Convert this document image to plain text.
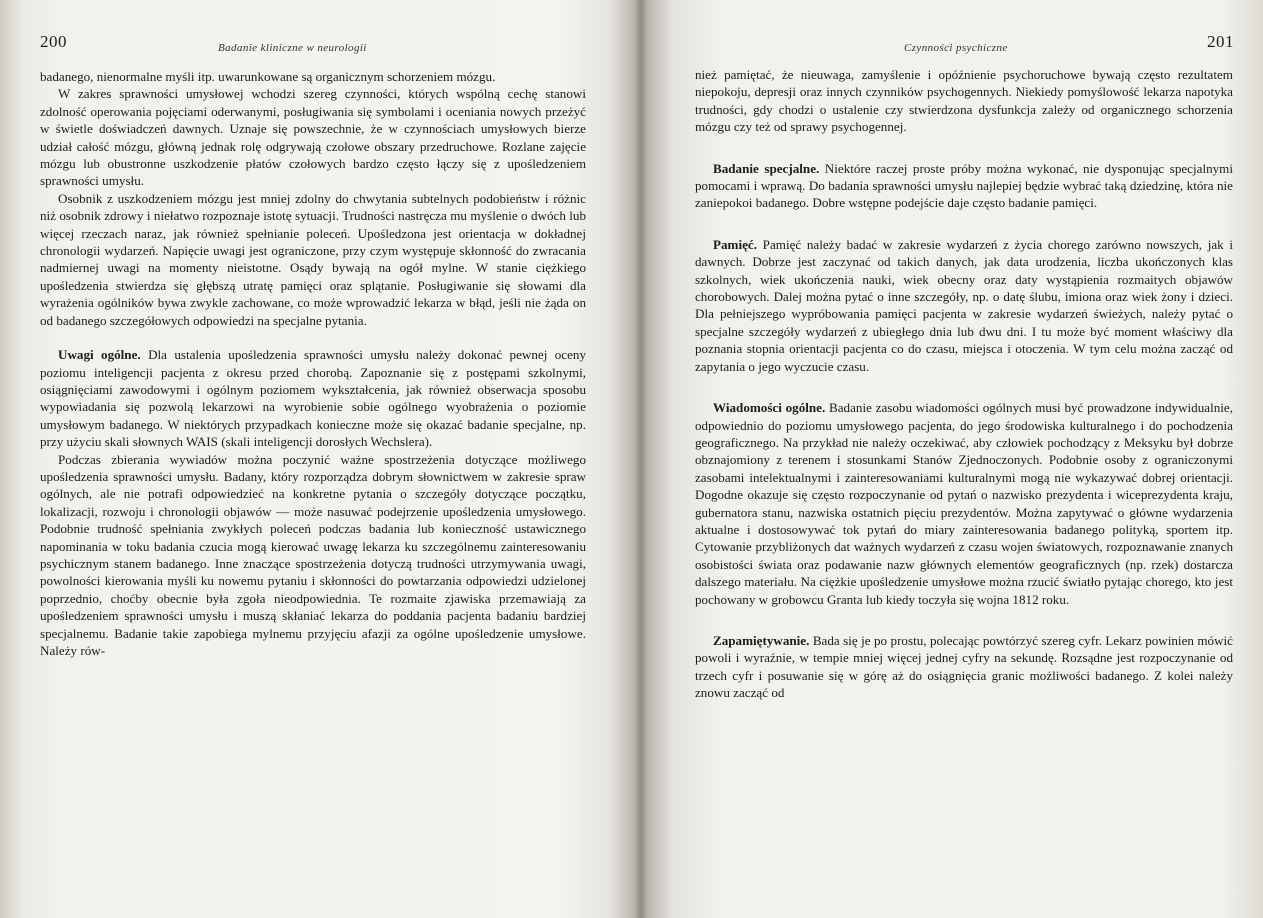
200	Badanie kliniczne w neurologii

badanego, nienormalne myśli itp. uwarunkowane są organicznym schorzeniem mózgu.

W zakres sprawności umysłowej wchodzi szereg czynności, których wspólną cechę stanowi zdolność operowania pojęciami oderwanymi, posługiwania się symbolami i oceniania nowych przeżyć w świetle doświadczeń dawnych. Uznaje się powszechnie, że w czynnościach umysłowych bierze udział całość mózgu, główną jednak rolę odgrywają czołowe obszary przedruchowe. Rozlane zajęcie mózgu lub obustronne uszkodzenie płatów czołowych bardzo często łączy się z upośledzeniem sprawności umysłu.

Osobnik z uszkodzeniem mózgu jest mniej zdolny do chwytania subtelnych podobieństw i różnic niż osobnik zdrowy i niełatwo rozpoznaje istotę sytuacji. Trudności nastręcza mu myślenie o dwóch lub więcej rzeczach naraz, jak również spełnianie poleceń. Upośledzona jest orientacja w dokładnej chronologii wydarzeń. Napięcie uwagi jest ograniczone, przy czym występuje skłonność do zwracania nadmiernej uwagi na momenty nieistotne. Osądy bywają na ogół mylne. W stanie ciężkiego upośledzenia stwierdza się głębszą utratę pamięci oraz splątanie. Posługiwanie się słowami dla wyrażenia ogólników bywa zwykle zachowane, co może wprowadzić lekarza w błąd, jeśli nie żąda on od badanego szczegółowych odpowiedzi na specjalne pytania.

Uwagi ogólne. Dla ustalenia upośledzenia sprawności umysłu należy dokonać pewnej oceny poziomu inteligencji pacjenta z okresu przed chorobą. Zapoznanie się z postępami szkolnymi, osiągnięciami zawodowymi i ogólnym poziomem wykształcenia, jak również obserwacja sposobu wypowiadania się pozwolą lekarzowi na wyrobienie sobie ogólnego wyobrażenia o poziomie umysłowym badanego. W niektórych przypadkach konieczne może się okazać badanie specjalne, np. przy użyciu skali słownych WAIS (skali inteligencji dorosłych Wechslera).

Podczas zbierania wywiadów można poczynić ważne spostrzeżenia dotyczące możliwego upośledzenia sprawności umysłu. Badany, który rozporządza dobrym słownictwem w zakresie spraw ogólnych, ale nie potrafi odpowiedzieć na konkretne pytania o szczegóły dotyczące początku, lokalizacji, rozwoju i chronologii objawów — może nasuwać podejrzenie upośledzenia umysłowego. Podobnie trudność spełniania zwykłych poleceń podczas badania lub konieczność ustawicznego napominania w toku badania czucia mogą kierować uwagę lekarza ku szczególnemu zainteresowaniu psychicznym stanem badanego. Inne znaczące spostrzeżenia dotyczą trudności utrzymywania uwagi, powolności kierowania myśli ku nowemu pytaniu i skłonności do powtarzania odpowiedzi udzielonej poprzednio, choćby obecnie była zgoła nieodpowiednia. Te rozmaite zjawiska przemawiają za upośledzeniem sprawności umysłu i muszą skłaniać lekarza do poddania pacjenta badaniu bardziej specjalnemu. Badanie takie zapobiega mylnemu przyjęciu afazji za ogólne upośledzenie umysłowe. Należy rów-

Czynności psychiczne	201

nież pamiętać, że nieuwaga, zamyślenie i opóźnienie psychoruchowe bywają często rezultatem niepokoju, depresji oraz innych czynników psychogennych. Niekiedy pomyślowość lekarza napotyka trudności, gdy chodzi o ustalenie czy stwierdzona dysfunkcja zależy od organicznego schorzenia mózgu czy też od sprawy psychogennej.

Badanie specjalne. Niektóre raczej proste próby można wykonać, nie dysponując specjalnymi pomocami i wprawą. Do badania sprawności umysłu najlepiej będzie wybrać taką dziedzinę, która nie zaniepokoi badanego. Dobre wstępne podejście daje często badanie pamięci.

Pamięć. Pamięć należy badać w zakresie wydarzeń z życia chorego zarówno nowszych, jak i dawnych. Dobrze jest zaczynać od takich danych, jak data urodzenia, liczba ukończonych klas szkolnych, wiek ukończenia nauki, wiek obecny oraz daty wystąpienia rozmaitych objawów chorobowych. Dalej można pytać o inne szczegóły, np. o datę ślubu, imiona oraz wiek żony i dzieci. Dla pełniejszego wypróbowania pamięci pacjenta w zakresie wydarzeń świeżych, należy pytać o specjalne szczegóły wydarzeń z ubiegłego dnia lub dwu dni. I tu może być moment właściwy dla poznania stopnia orientacji pacjenta co do czasu, miejsca i otoczenia. W tym celu można zacząć od zapytania o jego wyczucie czasu.

Wiadomości ogólne. Badanie zasobu wiadomości ogólnych musi być prowadzone indywidualnie, odpowiednio do poziomu umysłowego pacjenta, do jego środowiska kulturalnego i do pochodzenia geograficznego. Na przykład nie należy oczekiwać, aby człowiek pochodzący z Meksyku był dobrze obznajomiony z terenem i stosunkami Stanów Zjednoczonych. Podobnie osoby z ograniczonymi zasobami intelektualnymi i zainteresowaniami kulturalnymi mogą nie wykazywać dobrej orientacji. Dogodne okazuje się często rozpoczynanie od pytań o nazwisko prezydenta i wiceprezydenta kraju, gubernatora stanu, nazwiska ostatnich pięciu prezydentów. Można zapytywać o główne wydarzenia aktualne i dostosowywać tok pytań do miary zainteresowania badanego polityką, sportem itp. Cytowanie przybliżonych dat ważnych wydarzeń z czasu wojen światowych, rozpoznawanie znanych osobistości świata oraz podawanie nazw głównych elementów geograficznych (np. rzek) dostarcza dalszego materiału. Na ciężkie upośledzenie umysłowe można rzucić światło pytając chorego, kto jest pochowany w grobowcu Granta lub kiedy toczyła się wojna 1812 roku.

Zapamiętywanie. Bada się je po prostu, polecając powtórzyć szereg cyfr. Lekarz powinien mówić powoli i wyraźnie, w tempie mniej więcej jednej cyfry na sekundę. Rozsądne jest rozpoczynanie od trzech cyfr i posuwanie się w górę aż do osiągnięcia granic możliwości badanego. Z kolei należy znowu zacząć od
